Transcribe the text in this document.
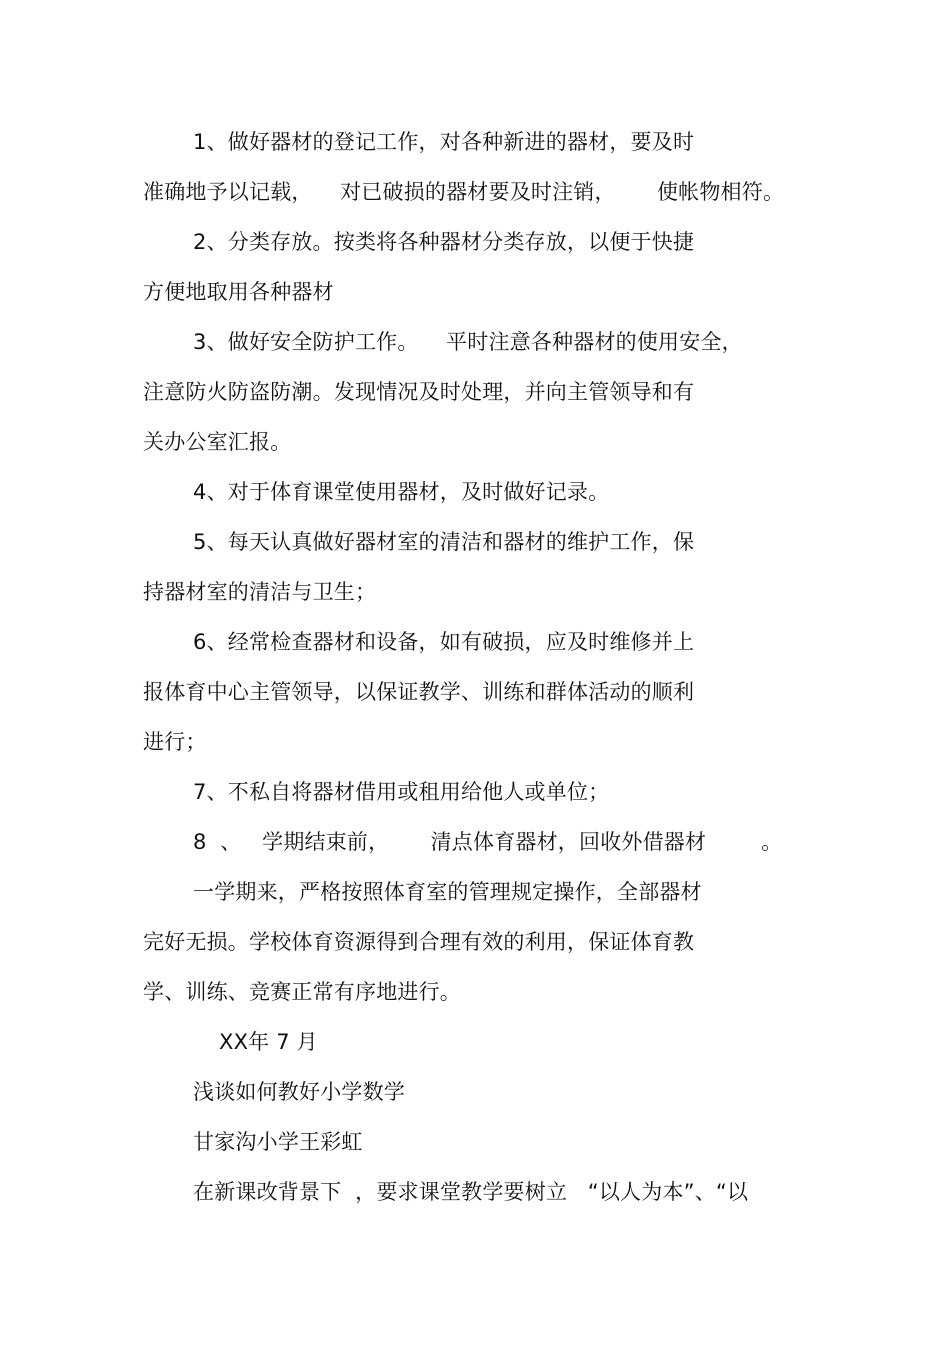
1、做好器材的登记工作，对各种新进的器材，要及时
准确地予以记载，    对已破损的器材要及时注销，      使帐物相符。
2、分类存放。按类将各种器材分类存放，以便于快捷
方便地取用各种器材
3、做好安全防护工作。    平时注意各种器材的使用安全，
注意防火防盗防潮。发现情况及时处理，并向主管领导和有
关办公室汇报。
4、对于体育课堂使用器材，及时做好记录。
5、每天认真做好器材室的清洁和器材的维护工作，保
持器材室的清洁与卫生；
6、经常检查器材和设备，如有破损，应及时维修并上
报体育中心主管领导，以保证教学、训练和群体活动的顺利
进行；
7、不私自将器材借用或租用给他人或单位；
8  、   学期结束前，      清点体育器材，回收外借器材        。
一学期来，严格按照体育室的管理规定操作，全部器材
完好无损。学校体育资源得到合理有效的利用，保证体育教
学、训练、竞赛正常有序地进行。
XX年 7 月
浅谈如何教好小学数学
甘家沟小学王彩虹
在新课改背景下  ，要求课堂教学要树立   “以人为本”、“以
